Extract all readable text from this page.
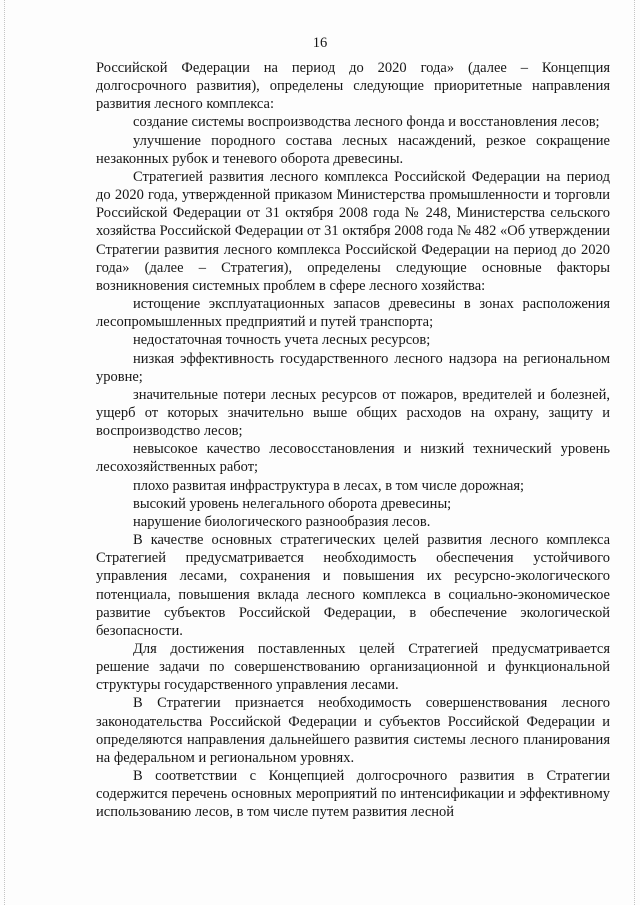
16

Российской Федерации на период до 2020 года» (далее – Концепция долгосрочного развития), определены следующие приоритетные направления развития лесного комплекса:

создание системы воспроизводства лесного фонда и восстановления лесов;

улучшение породного состава лесных насаждений, резкое сокращение незаконных рубок и теневого оборота древесины.

Стратегией развития лесного комплекса Российской Федерации на период до 2020 года, утвержденной приказом Министерства промышленности и торговли Российской Федерации от 31 октября 2008 года № 248, Министерства сельского хозяйства Российской Федерации от 31 октября 2008 года № 482 «Об утверждении Стратегии развития лесного комплекса Российской Федерации на период до 2020 года» (далее – Стратегия), определены следующие основные факторы возникновения системных проблем в сфере лесного хозяйства:

истощение эксплуатационных запасов древесины в зонах расположения лесопромышленных предприятий и путей транспорта;

недостаточная точность учета лесных ресурсов;

низкая эффективность государственного лесного надзора на региональном уровне;

значительные потери лесных ресурсов от пожаров, вредителей и болезней, ущерб от которых значительно выше общих расходов на охрану, защиту и воспроизводство лесов;

невысокое качество лесовосстановления и низкий технический уровень лесохозяйственных работ;

плохо развитая инфраструктура в лесах, в том числе дорожная;

высокий уровень нелегального оборота древесины;

нарушение биологического разнообразия лесов.

В качестве основных стратегических целей развития лесного комплекса Стратегией предусматривается необходимость обеспечения устойчивого управления лесами, сохранения и повышения их ресурсно-экологического потенциала, повышения вклада лесного комплекса в социально-экономическое развитие субъектов Российской Федерации, в обеспечение экологической безопасности.

Для достижения поставленных целей Стратегией предусматривается решение задачи по совершенствованию организационной и функциональной структуры государственного управления лесами.

В Стратегии признается необходимость совершенствования лесного законодательства Российской Федерации и субъектов Российской Федерации и определяются направления дальнейшего развития системы лесного планирования на федеральном и региональном уровнях.

В соответствии с Концепцией долгосрочного развития в Стратегии содержится перечень основных мероприятий по интенсификации и эффективному использованию лесов, в том числе путем развития лесной
